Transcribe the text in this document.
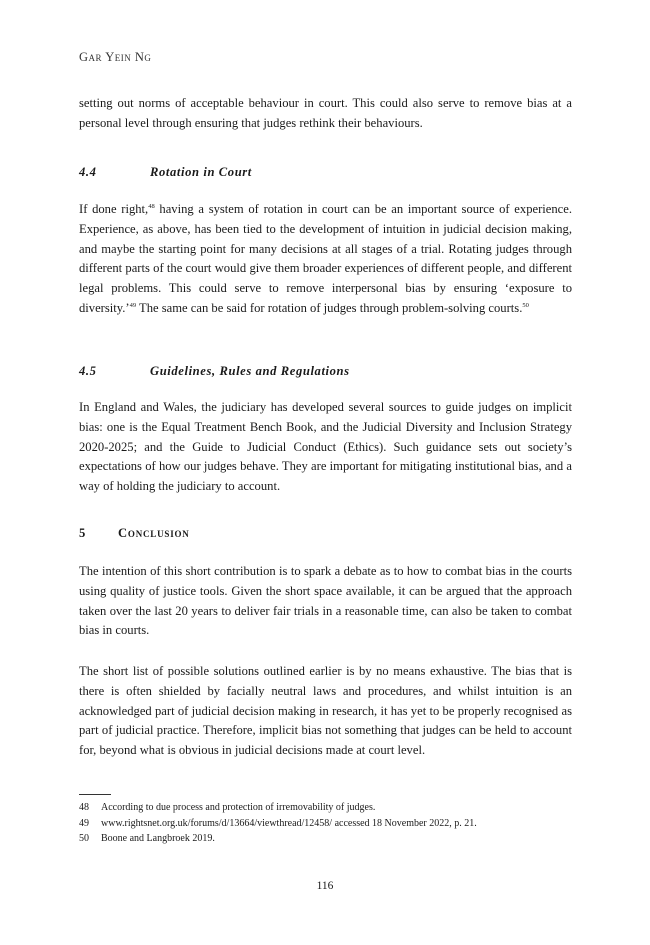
Gar Yein Ng

setting out norms of acceptable behaviour in court. This could also serve to remove bias at a personal level through ensuring that judges rethink their behaviours.

4.4	Rotation in Court

If done right,$^{48}$ having a system of rotation in court can be an important source of experience. Experience, as above, has been tied to the development of intuition in judicial decision making, and maybe the starting point for many decisions at all stages of a trial. Rotating judges through different parts of the court would give them broader experiences of different people, and different legal problems. This could serve to remove interpersonal bias by ensuring ‘exposure to diversity.’$^{49}$ The same can be said for rotation of judges through problem-solving courts.$^{50}$

4.5	Guidelines, Rules and Regulations

In England and Wales, the judiciary has developed several sources to guide judges on implicit bias: one is the Equal Treatment Bench Book, and the Judicial Diversity and Inclusion Strategy 2020-2025; and the Guide to Judicial Conduct (Ethics). Such guidance sets out society’s expectations of how our judges behave. They are important for mitigating institutional bias, and a way of holding the judiciary to account.

5	Conclusion

The intention of this short contribution is to spark a debate as to how to combat bias in the courts using quality of justice tools. Given the short space available, it can be argued that the approach taken over the last 20 years to deliver fair trials in a reasonable time, can also be taken to combat bias in courts.

The short list of possible solutions outlined earlier is by no means exhaustive. The bias that is there is often shielded by facially neutral laws and procedures, and whilst intuition is an acknowledged part of judicial decision making in research, it has yet to be properly recognised as part of judicial practice. Therefore, implicit bias not something that judges can be held to account for, beyond what is obvious in judicial decisions made at court level.

48	According to due process and protection of irremovability of judges.
49	www.rightsnet.org.uk/forums/d/13664/viewthread/12458/ accessed 18 November 2022, p. 21.
50	Boone and Langbroek 2019.
116
